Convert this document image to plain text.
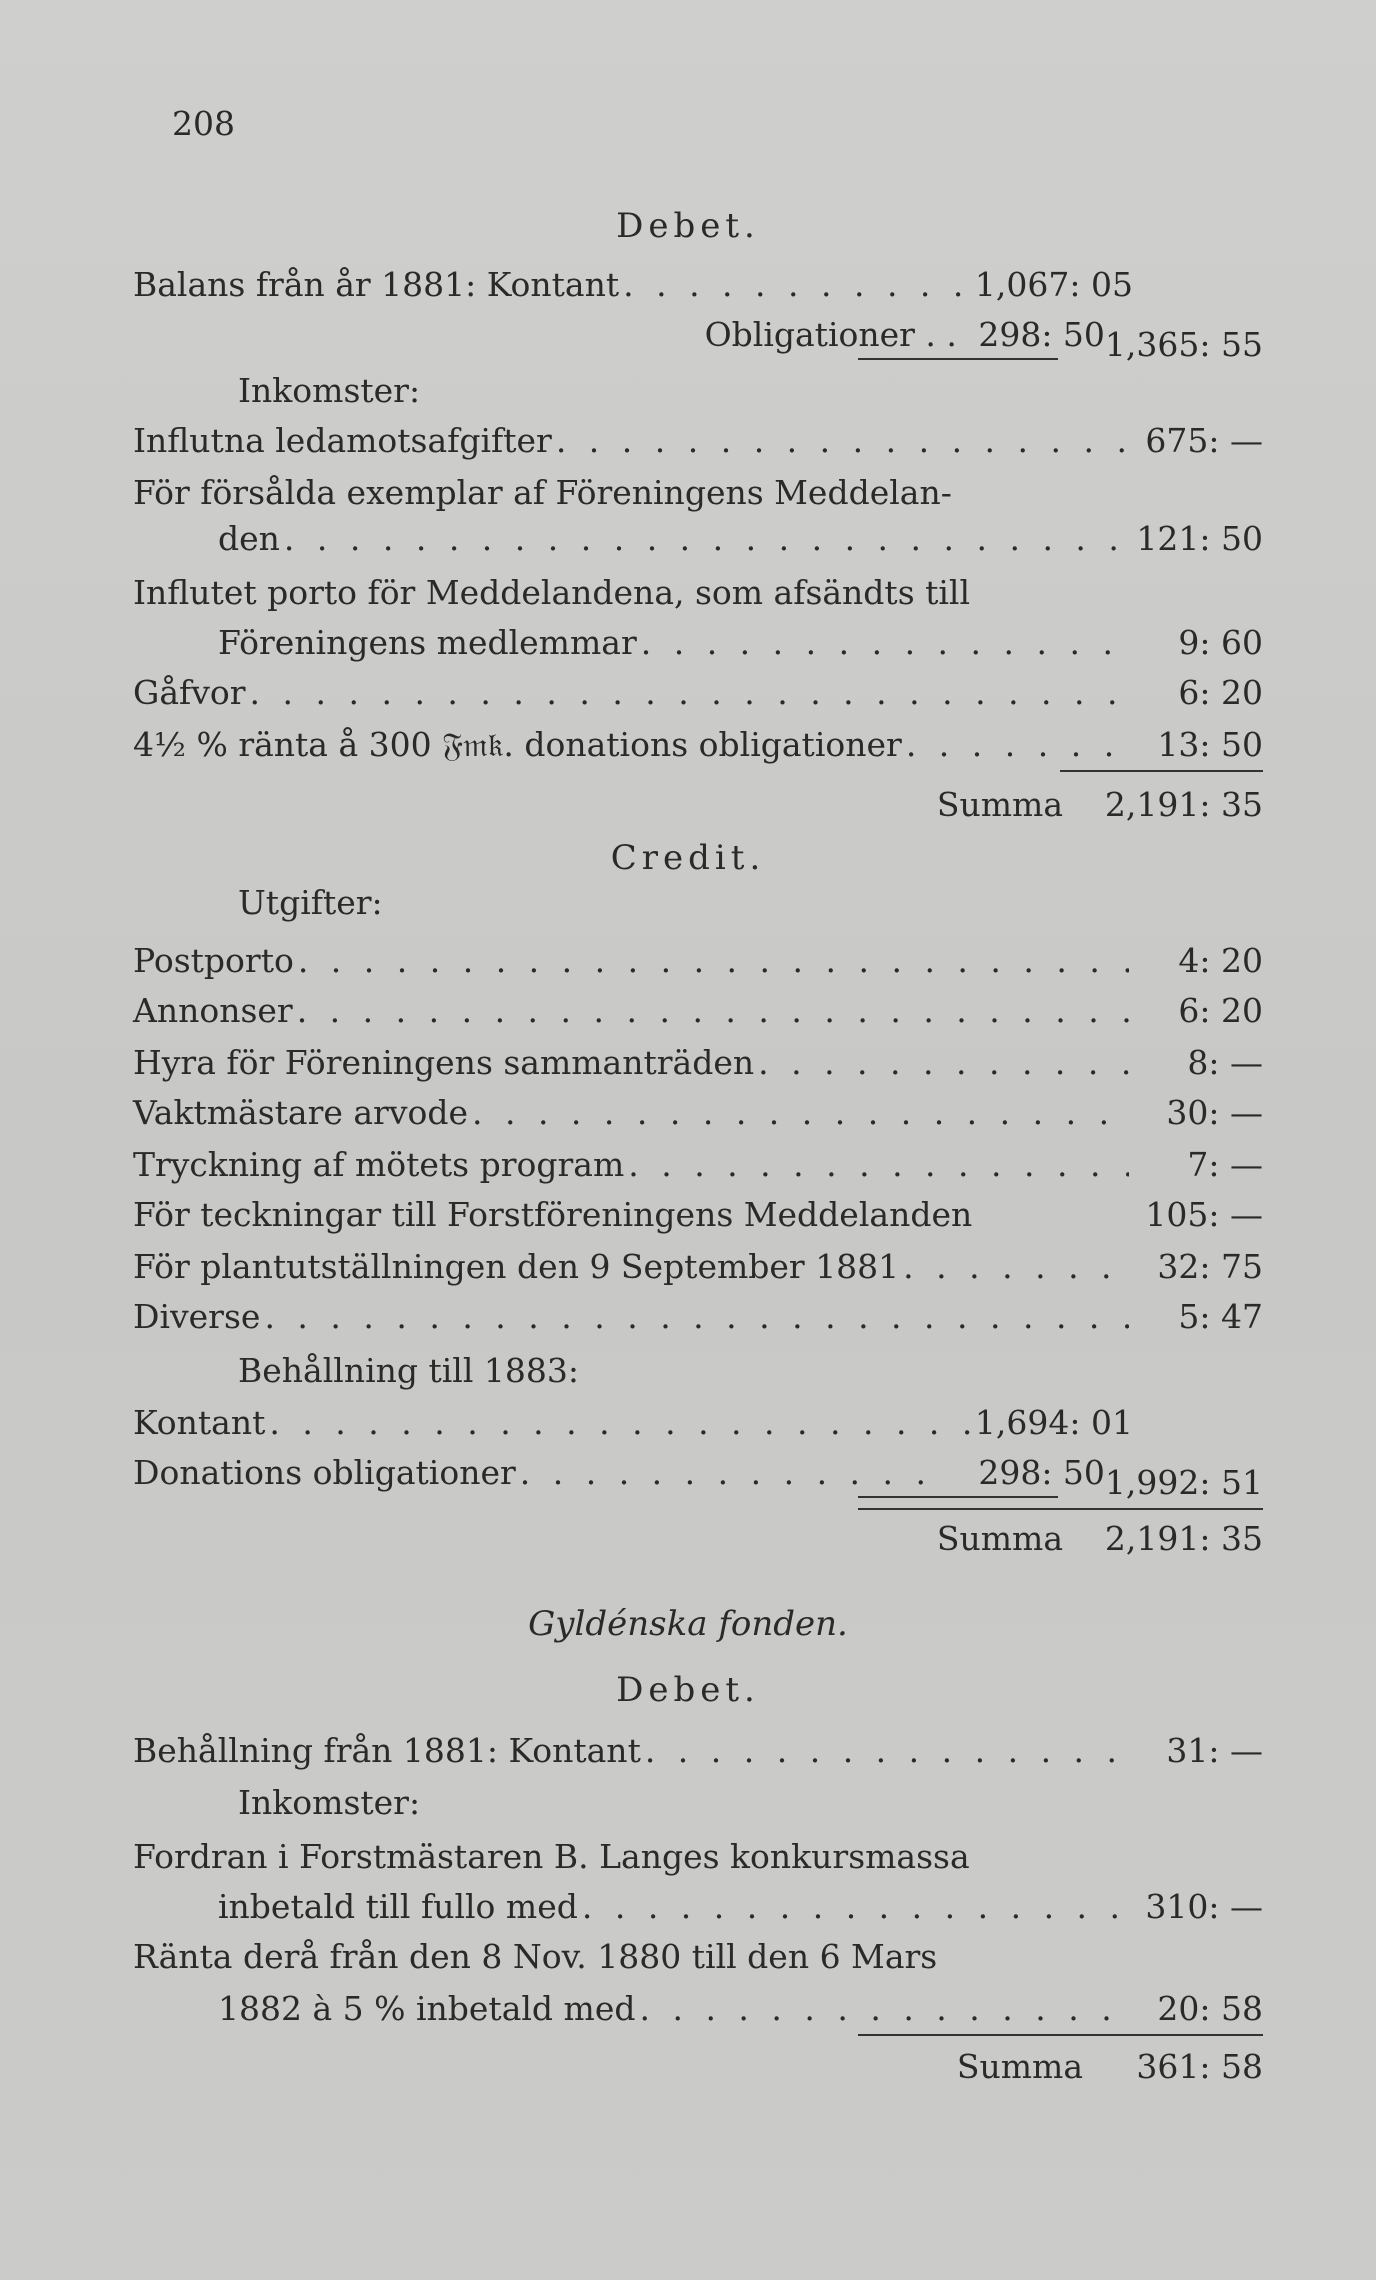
208
Debet.
Balans från år 1881: Kontant . . .	1,067: 05
Obligationer . . 298: 50 1,365: 55
Inkomster:
Influtna ledamotsafgifter . . .	675: —
För försålda exemplar af Föreningens Meddelan-
den . . .	121: 50
Influtet porto för Meddelandena, som afsändts till
Föreningens medlemmar . . .	9: 60
Gåfvor . . .	6: 20
4½ % ränta å 300 𝔉𝔪𝔨. donations obligationer . . .	13: 50
Summa	2,191: 35
Credit.
Utgifter:
Postporto . . .	4: 20
Annonser . . .	6: 20
Hyra för Föreningens sammanträden . . .	8: —
Vaktmästare arvode . . .	30: —
Tryckning af mötets program . . .	7: —
För teckningar till Forstföreningens Meddelanden	105: —
För plantutställningen den 9 September 1881 . . .	32: 75
Diverse . . .	5: 47
Behållning till 1883:
Kontant . . .	1,694: 01
Donations obligationer . . .	298: 50 1,992: 51
Summa	2,191: 35
Gyldénska fonden.
Debet.
Behållning från 1881: Kontant . . .	31: —
Inkomster:
Fordran i Forstmästaren B. Langes konkursmassa
inbetald till fullo med . . .	310: —
Ränta derå från den 8 Nov. 1880 till den 6 Mars
1882 à 5 % inbetald med . . .	20: 58
Summa	361: 58
